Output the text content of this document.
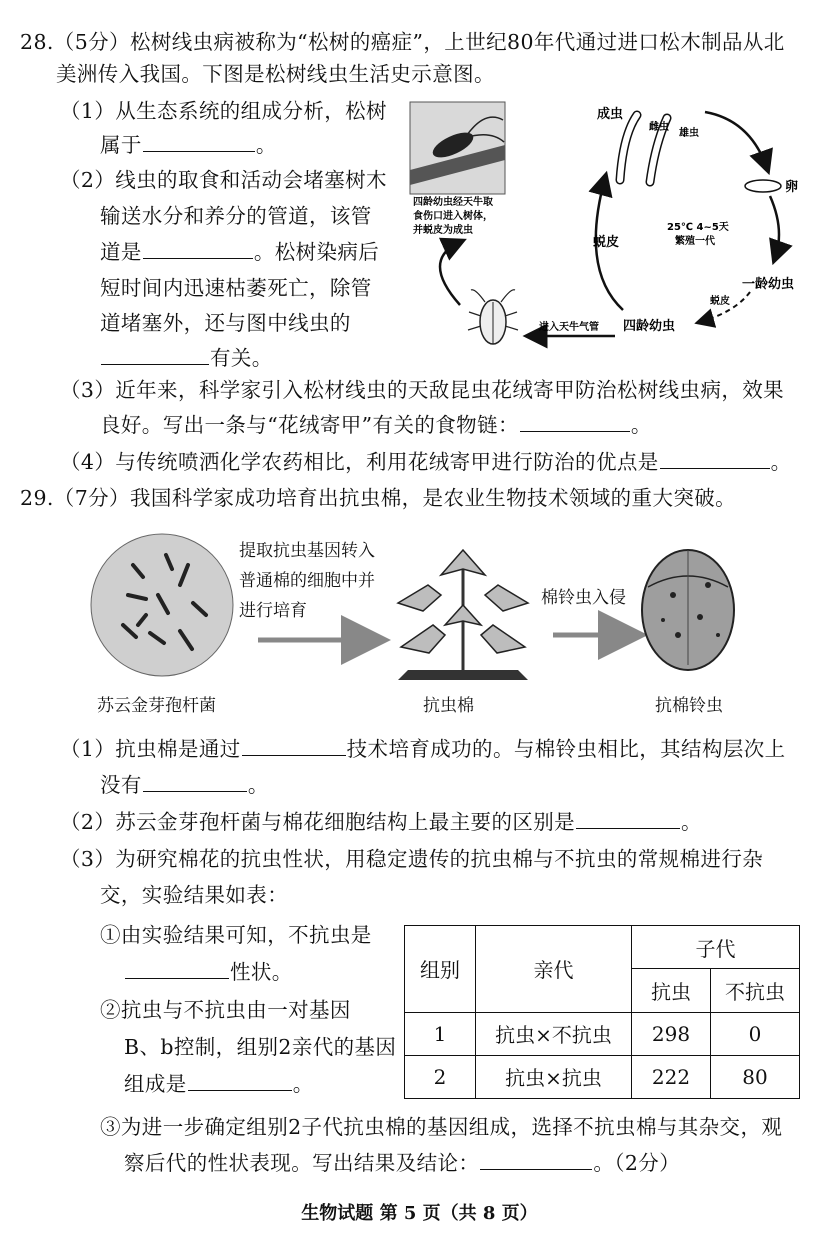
28.（5分）松树线虫病被称为“松树的癌症”，上世纪80年代通过进口松木制品从北
美洲传入我国。下图是松树线虫生活史示意图。
（1）从生态系统的组成分析，松树
属于	。
（2）线虫的取食和活动会堵塞树木
输送水分和养分的管道，该管
道是	。松树染病后
短时间内迅速枯萎死亡，除管
道堵塞外，还与图中线虫的
有关。
四龄幼虫经天牛取
食伤口进入树体，
并蜕皮为成虫
成虫
雌虫
雄虫
卵
蜕皮
25℃ 4~5天
繁殖一代
一龄幼虫
蜕皮
四龄幼虫
进入天牛气管
（3）近年来，科学家引入松材线虫的天敌昆虫花绒寄甲防治松树线虫病，效果
良好。写出一条与“花绒寄甲”有关的食物链：	。
（4）与传统喷洒化学农药相比，利用花绒寄甲进行防治的优点是	。
29.（7分）我国科学家成功培育出抗虫棉，是农业生物技术领域的重大突破。
提取抗虫基因转入
普通棉的细胞中并
进行培育
棉铃虫入侵
苏云金芽孢杆菌	抗虫棉	抗棉铃虫
（1）抗虫棉是通过	技术培育成功的。与棉铃虫相比，其结构层次上
没有	。
（2）苏云金芽孢杆菌与棉花细胞结构上最主要的区别是	。
（3）为研究棉花的抗虫性状，用稳定遗传的抗虫棉与不抗虫的常规棉进行杂
交，实验结果如表：
①由实验结果可知，不抗虫是
性状。
②抗虫与不抗虫由一对基因
B、b控制，组别2亲代的基因
组成是	。
组别	亲代	子代	
		抗虫	不抗虫
1	抗虫×不抗虫	298	0
2	抗虫×抗虫	222	80
③为进一步确定组别2子代抗虫棉的基因组成，选择不抗虫棉与其杂交，观
察后代的性状表现。写出结果及结论：	。（2分）
生物试题 第 5 页（共 8 页）
